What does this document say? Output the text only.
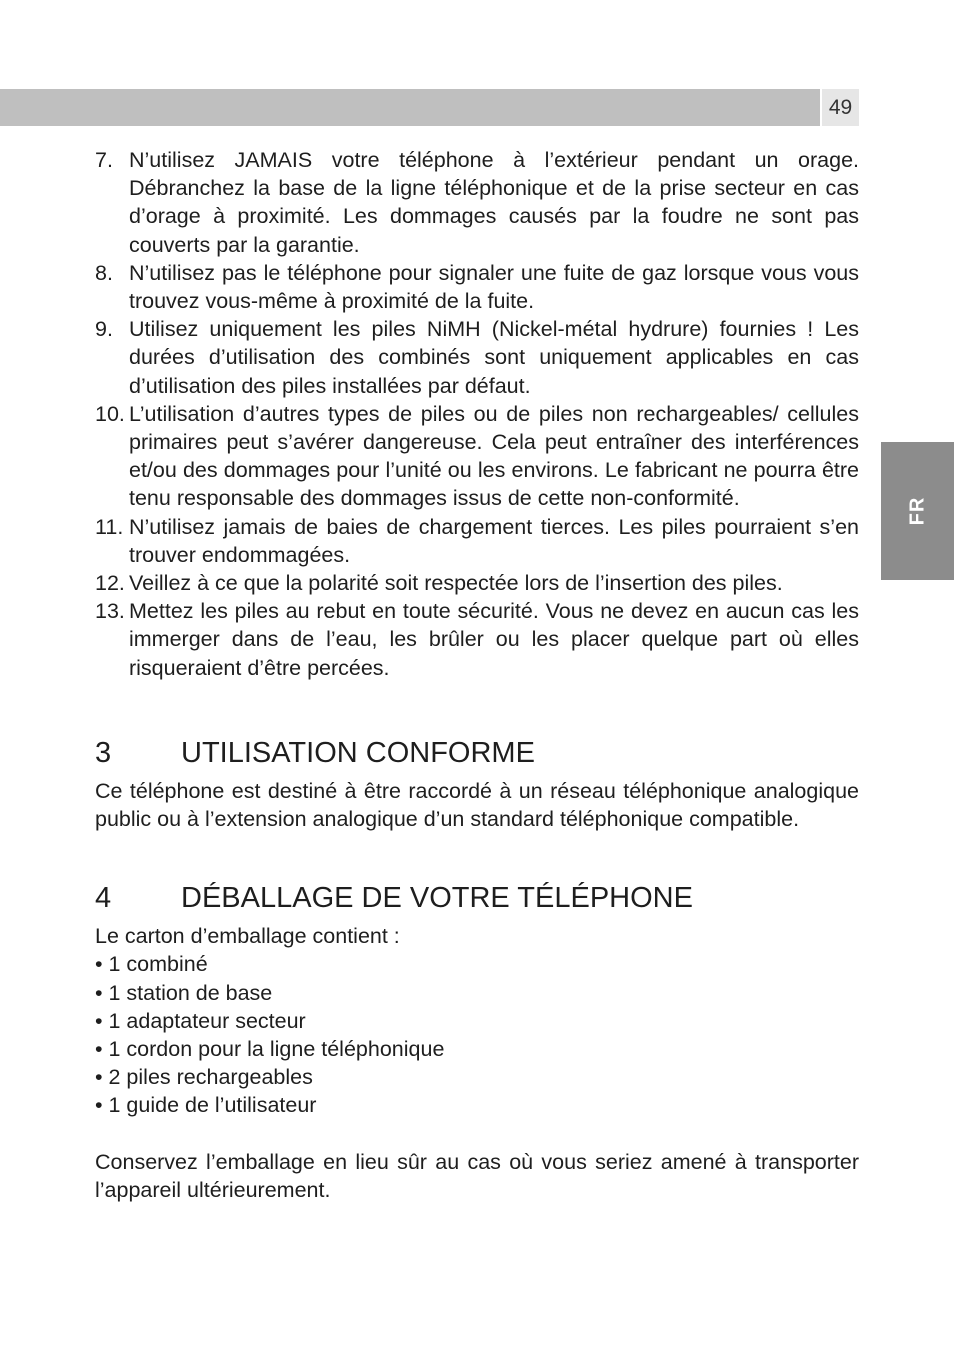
49
FR
7. N’utilisez JAMAIS votre téléphone à l’extérieur pendant un orage. Débranchez la base de la ligne téléphonique et de la prise secteur en cas d’orage à proximité. Les dommages causés par la foudre ne sont pas couverts par la garantie.
8. N’utilisez pas le téléphone pour signaler une fuite de gaz lorsque vous vous trouvez vous-même à proximité de la fuite.
9. Utilisez uniquement les piles NiMH (Nickel-métal hydrure) fournies ! Les durées d’utilisation des combinés sont uniquement applicables en cas d’utilisation des piles installées par défaut.
10. L’utilisation d’autres types de piles ou de piles non rechargeables/ cellules primaires peut s’avérer dangereuse. Cela peut entraîner des interférences et/ou des dommages pour l’unité ou les environs. Le fabricant ne pourra être tenu responsable des dommages issus de cette non-conformité.
11. N’utilisez jamais de baies de chargement tierces. Les piles pourraient s’en trouver endommagées.
12. Veillez à ce que la polarité soit respectée lors de l’insertion des piles.
13. Mettez les piles au rebut en toute sécurité. Vous ne devez en aucun cas les immerger dans de l’eau, les brûler ou les placer quelque part où elles risqueraient d’être percées.
3	UTILISATION CONFORME

Ce téléphone est destiné à être raccordé à un réseau téléphonique analogique public ou à l’extension analogique d’un standard téléphonique compatible.

4	DÉBALLAGE DE VOTRE TÉLÉPHONE

Le carton d’emballage contient :

• 1 combiné
• 1 station de base
• 1 adaptateur secteur
• 1 cordon pour la ligne téléphonique
• 2 piles rechargeables
• 1 guide de l’utilisateur

Conservez l’emballage en lieu sûr au cas où vous seriez amené à transporter l’appareil ultérieurement.
